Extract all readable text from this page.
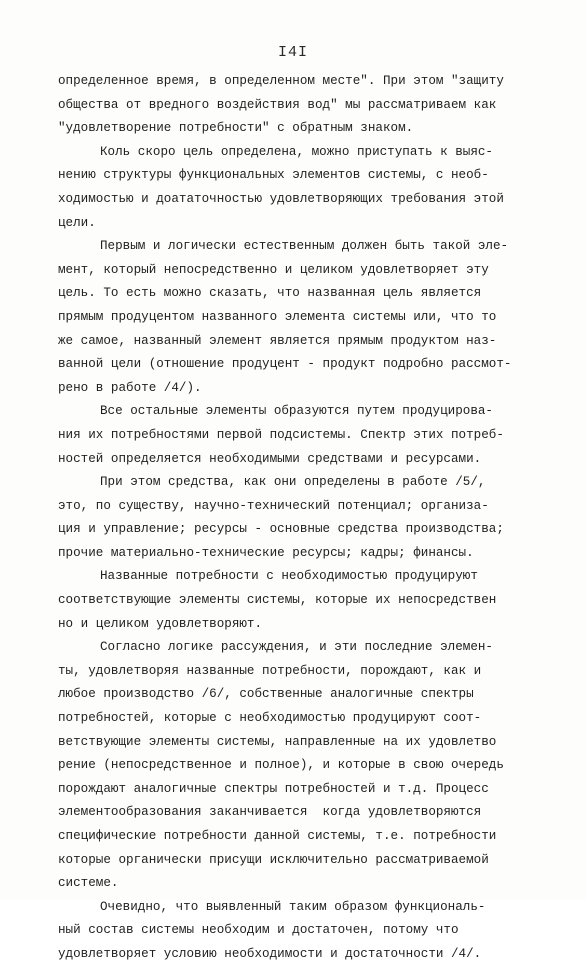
I4I
определенное время, в определенном месте". При этом "защиту
общества от вредного воздействия вод" мы рассматриваем как
"удовлетворение потребности" с обратным знаком.
Коль скоро цель определена, можно приступать к выяс-
нению структуры функциональных элементов системы, с необ-
ходимостью и доататочностью удовлетворяющих требования этой
цели.
Первым и логически естественным должен быть такой эле-
мент, который непосредственно и целиком удовлетворяет эту
цель. То есть можно сказать, что названная цель является
прямым продуцентом названного элемента системы или, что то
же самое, названный элемент является прямым продуктом наз-
ванной цели (отношение продуцент - продукт подробно рассмот-
рено в работе /4/).
Все остальные элементы образуются путем продуцирова-
ния их потребностями первой подсистемы. Спектр этих потреб-
ностей определяется необходимыми средствами и ресурсами.
При этом средства, как они определены в работе /5/,
это, по существу, научно-технический потенциал; организа-
ция и управление; ресурсы - основные средства производства;
прочие материально-технические ресурсы; кадры; финансы.
Названные потребности с необходимостью продуцируют
соответствующие элементы системы, которые их непосредствен
но и целиком удовлетворяют.
Согласно логике рассуждения, и эти последние элемен-
ты, удовлетворяя названные потребности, порождают, как и
любое производство /6/, собственные аналогичные спектры
потребностей, которые с необходимостью продуцируют соот-
ветствующие элементы системы, направленные на их удовлетво
рение (непосредственное и полное), и которые в свою очередь
порождают аналогичные спектры потребностей и т.д. Процесс
элементообразования заканчивается  когда удовлетворяются
специфические потребности данной системы, т.е. потребности
которые органически присущи исключительно рассматриваемой
системе.
Очевидно, что выявленный таким образом функциональ-
ный состав системы необходим и достаточен, потому что
удовлетворяет условию необходимости и достаточности /4/.
